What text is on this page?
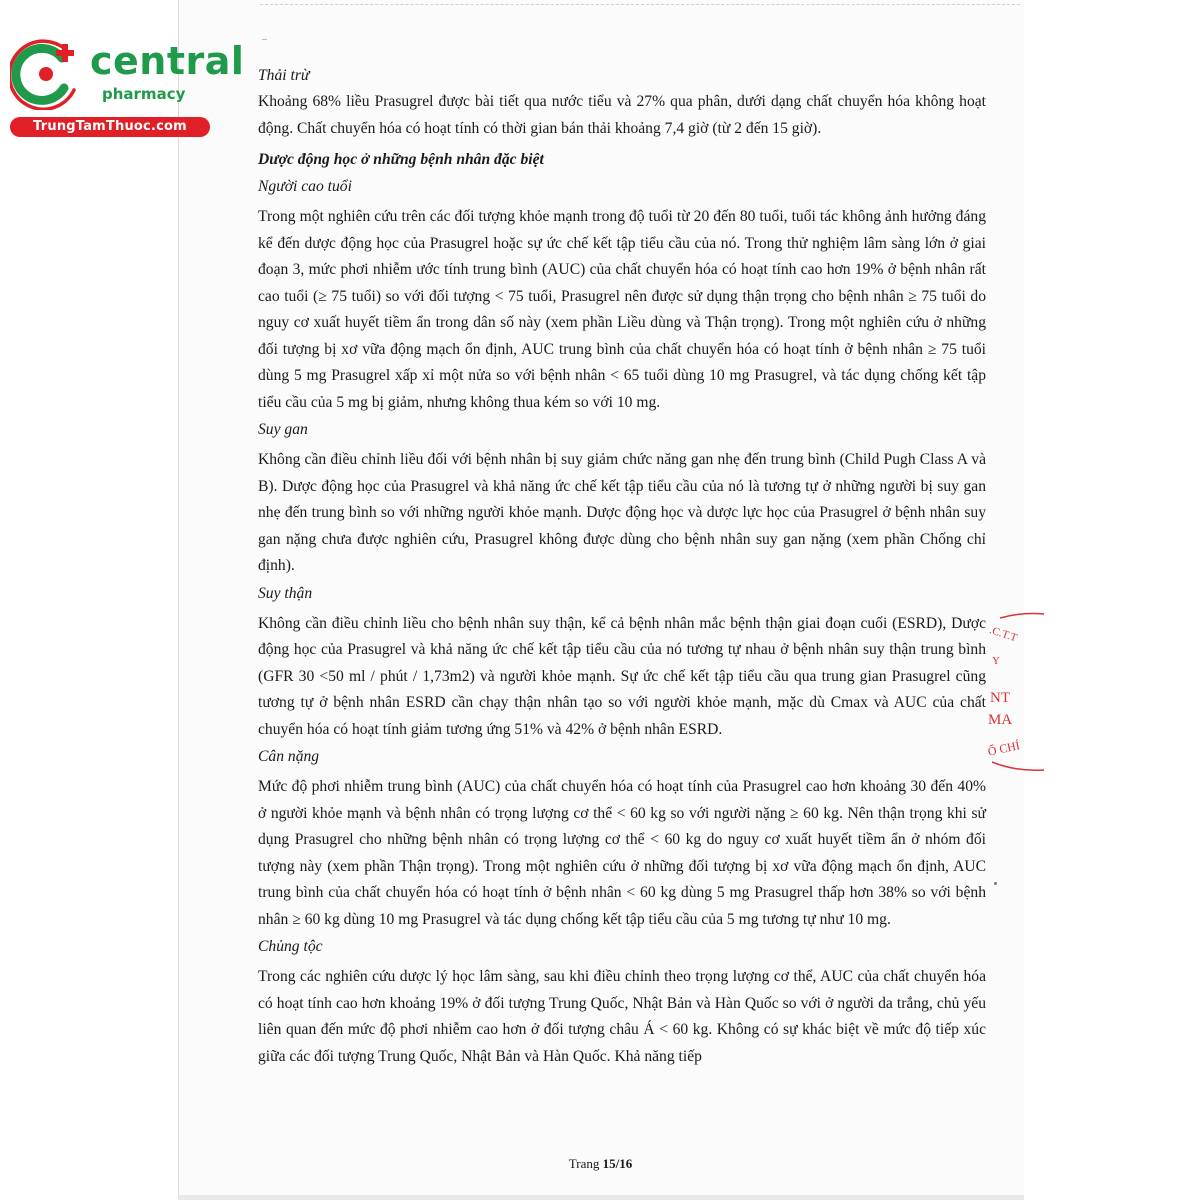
–
central
pharmacy
TrungTamThuoc.com

Thải trừ

Khoảng 68% liều Prasugrel được bài tiết qua nước tiểu và 27% qua phân, dưới dạng chất chuyển hóa không hoạt động. Chất chuyển hóa có hoạt tính có thời gian bán thải khoảng 7,4 giờ (từ 2 đến 15 giờ).

Dược động học ở những bệnh nhân đặc biệt

Người cao tuổi

Trong một nghiên cứu trên các đối tượng khỏe mạnh trong độ tuổi từ 20 đến 80 tuổi, tuổi tác không ảnh hưởng đáng kể đến dược động học của Prasugrel hoặc sự ức chế kết tập tiểu cầu của nó. Trong thử nghiệm lâm sàng lớn ở giai đoạn 3, mức phơi nhiễm ước tính trung bình (AUC) của chất chuyển hóa có hoạt tính cao hơn 19% ở bệnh nhân rất cao tuổi (≥ 75 tuổi) so với đối tượng < 75 tuổi, Prasugrel nên được sử dụng thận trọng cho bệnh nhân ≥ 75 tuổi do nguy cơ xuất huyết tiềm ẩn trong dân số này (xem phần Liều dùng và Thận trọng). Trong một nghiên cứu ở những đối tượng bị xơ vữa động mạch ổn định, AUC trung bình của chất chuyển hóa có hoạt tính ở bệnh nhân ≥ 75 tuổi dùng 5 mg Prasugrel xấp xỉ một nửa so với bệnh nhân < 65 tuổi dùng 10 mg Prasugrel, và tác dụng chống kết tập tiểu cầu của 5 mg bị giảm, nhưng không thua kém so với 10 mg.

Suy gan

Không cần điều chỉnh liều đối với bệnh nhân bị suy giảm chức năng gan nhẹ đến trung bình (Child Pugh Class A và B). Dược động học của Prasugrel và khả năng ức chế kết tập tiểu cầu của nó là tương tự ở những người bị suy gan nhẹ đến trung bình so với những người khỏe mạnh. Dược động học và dược lực học của Prasugrel ở bệnh nhân suy gan nặng chưa được nghiên cứu, Prasugrel không được dùng cho bệnh nhân suy gan nặng (xem phần Chống chỉ định).

Suy thận

Không cần điều chỉnh liều cho bệnh nhân suy thận, kể cả bệnh nhân mắc bệnh thận giai đoạn cuối (ESRD), Dược động học của Prasugrel và khả năng ức chế kết tập tiểu cầu của nó tương tự nhau ở bệnh nhân suy thận trung bình (GFR 30 <50 ml / phút / 1,73m2) và người khỏe mạnh. Sự ức chế kết tập tiểu cầu qua trung gian Prasugrel cũng tương tự ở bệnh nhân ESRD cần chạy thận nhân tạo so với người khỏe mạnh, mặc dù Cmax và AUC của chất chuyển hóa có hoạt tính giảm tương ứng 51% và 42% ở bệnh nhân ESRD.

Cân nặng

Mức độ phơi nhiễm trung bình (AUC) của chất chuyển hóa có hoạt tính của Prasugrel cao hơn khoảng 30 đến 40% ở người khỏe mạnh và bệnh nhân có trọng lượng cơ thể < 60 kg so với người nặng ≥ 60 kg. Nên thận trọng khi sử dụng Prasugrel cho những bệnh nhân có trọng lượng cơ thể < 60 kg do nguy cơ xuất huyết tiềm ẩn ở nhóm đối tượng này (xem phần Thận trọng). Trong một nghiên cứu ở những đối tượng bị xơ vữa động mạch ổn định, AUC trung bình của chất chuyển hóa có hoạt tính ở bệnh nhân < 60 kg dùng 5 mg Prasugrel thấp hơn 38% so với bệnh nhân ≥ 60 kg dùng 10 mg Prasugrel và tác dụng chống kết tập tiểu cầu của 5 mg tương tự như 10 mg.

Chủng tộc

Trong các nghiên cứu dược lý học lâm sàng, sau khi điều chỉnh theo trọng lượng cơ thể, AUC của chất chuyển hóa có hoạt tính cao hơn khoảng 19% ở đối tượng Trung Quốc, Nhật Bản và Hàn Quốc so với ở người da trắng, chủ yếu liên quan đến mức độ phơi nhiễm cao hơn ở đối tượng châu Á < 60 kg. Không có sự khác biệt về mức độ tiếp xúc giữa các đối tượng Trung Quốc, Nhật Bản và Hàn Quốc. Khả năng tiếp

.C.T.T
Y
NT
MA
Ố CHÍ
Trang 15/16
